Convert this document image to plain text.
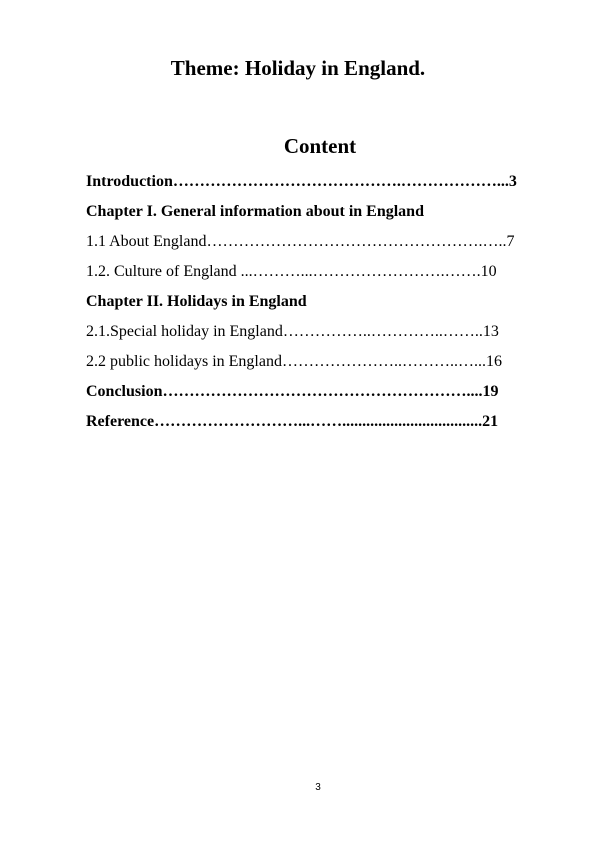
Theme: Holiday in England.
Content
Introduction…………………………………….………………...3
Chapter I. General information about in England
1.1 About England…………………………………………….…..7
1.2. Culture of England ...………...…………………….…….10
Chapter II. Holidays in England
2.1.Special holiday in England……………..…………..……..13
2.2 public holidays in England…………………..………..…...16
Conclusion…………………………………………………....19
Reference………………………...……...................................21
3
